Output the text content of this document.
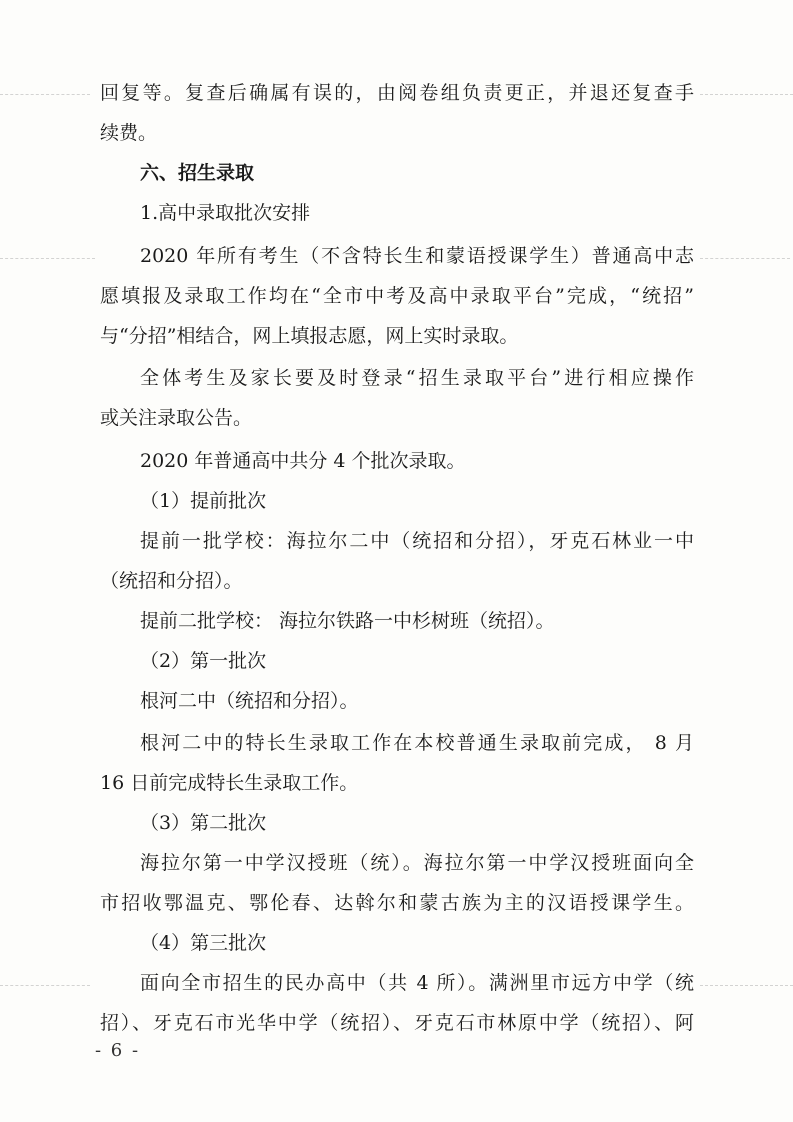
回复等。复查后确属有误的，由阅卷组负责更正，并退还复查手
续费。
六、招生录取
1.高中录取批次安排
2020 年所有考生（不含特长生和蒙语授课学生）普通高中志
愿填报及录取工作均在“全市中考及高中录取平台”完成，“统招”
与“分招”相结合，网上填报志愿，网上实时录取。
全体考生及家长要及时登录“招生录取平台”进行相应操作
或关注录取公告。
2020 年普通高中共分 4 个批次录取。
（1）提前批次
提前一批学校：海拉尔二中（统招和分招），牙克石林业一中
（统招和分招）。
提前二批学校： 海拉尔铁路一中杉树班（统招）。
（2）第一批次
根河二中（统招和分招）。
根河二中的特长生录取工作在本校普通生录取前完成， 8 月
16 日前完成特长生录取工作。
（3）第二批次
海拉尔第一中学汉授班（统）。海拉尔第一中学汉授班面向全
市招收鄂温克、鄂伦春、达斡尔和蒙古族为主的汉语授课学生。
（4）第三批次
面向全市招生的民办高中（共 4 所）。满洲里市远方中学（统
招）、牙克石市光华中学（统招）、牙克石市林原中学（统招）、阿
- 6 -
